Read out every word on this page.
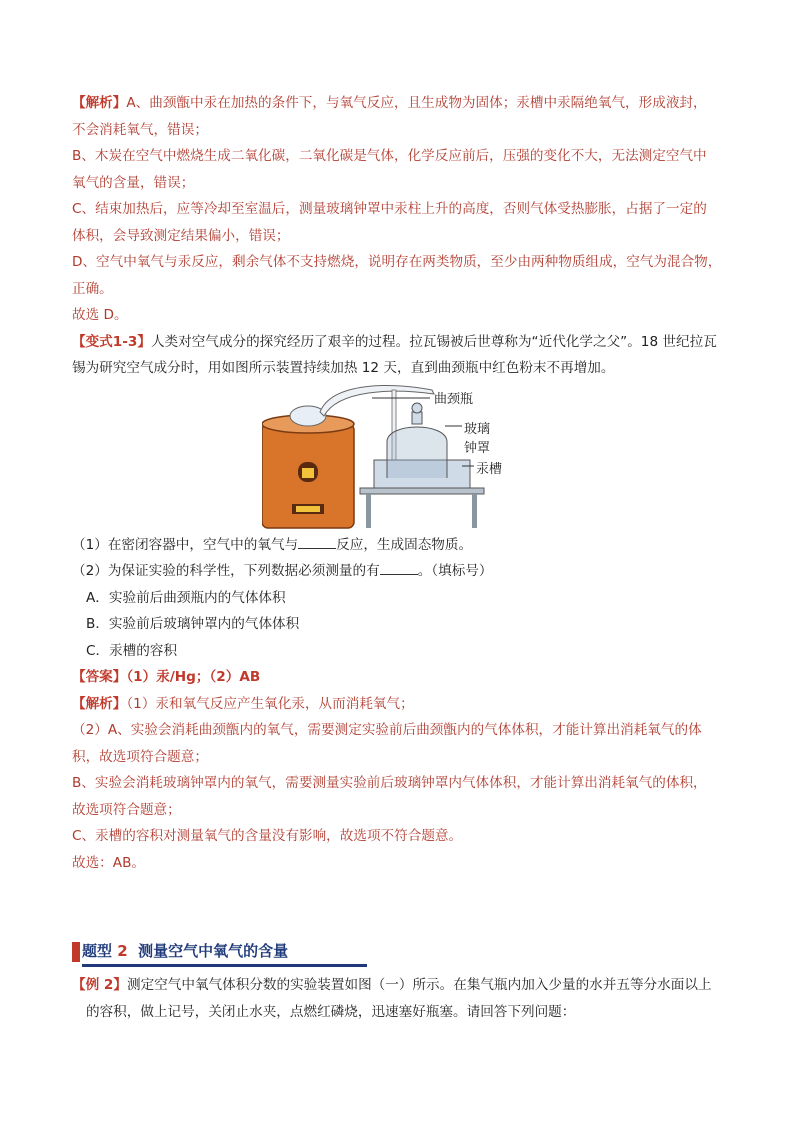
【解析】A、曲颈甑中汞在加热的条件下，与氧气反应，且生成物为固体；汞槽中汞隔绝氧气，形成液封，

不会消耗氧气，错误；

B、木炭在空气中燃烧生成二氧化碳，二氧化碳是气体，化学反应前后，压强的变化不大，无法测定空气中

氧气的含量，错误；

C、结束加热后，应等冷却至室温后，测量玻璃钟罩中汞柱上升的高度，否则气体受热膨胀，占据了一定的

体积，会导致测定结果偏小，错误；

D、空气中氧气与汞反应，剩余气体不支持燃烧，说明存在两类物质，至少由两种物质组成，空气为混合物，

正确。

故选 D。

【变式1-3】人类对空气成分的探究经历了艰辛的过程。拉瓦锡被后世尊称为“近代化学之父”。18 世纪拉瓦

锡为研究空气成分时，用如图所示装置持续加热 12 天，直到曲颈瓶中红色粉末不再增加。

曲颈瓶
玻璃钟罩
汞槽

（1）在密闭容器中，空气中的氧气与	反应，生成固态物质。

（2）为保证实验的科学性，下列数据必须测量的有	。（填标号）

A．实验前后曲颈瓶内的气体体积

B．实验前后玻璃钟罩内的气体体积

C．汞槽的容积

【答案】（1）汞/Hg；（2）AB

【解析】（1）汞和氧气反应产生氧化汞，从而消耗氧气；

（2）A、实验会消耗曲颈甑内的氧气，需要测定实验前后曲颈甑内的气体体积，才能计算出消耗氧气的体

积，故选项符合题意；

B、实验会消耗玻璃钟罩内的氧气，需要测量实验前后玻璃钟罩内气体体积，才能计算出消耗氧气的体积，

故选项符合题意；

C、汞槽的容积对测量氧气的含量没有影响，故选项不符合题意。

故选：AB。

题型 2 测量空气中氧气的含量

【例 2】测定空气中氧气体积分数的实验装置如图（一）所示。在集气瓶内加入少量的水并五等分水面以上

的容积，做上记号，关闭止水夹，点燃红磷烧，迅速塞好瓶塞。请回答下列问题：
